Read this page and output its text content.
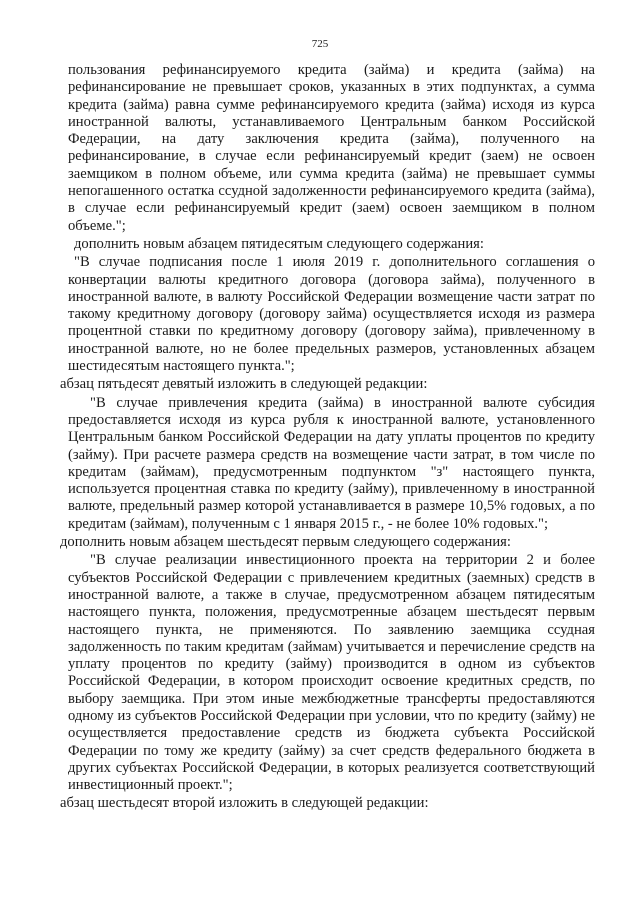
725

пользования рефинансируемого кредита (займа) и кредита (займа) на рефинансирование не превышает сроков, указанных в этих подпунктах, а сумма кредита (займа) равна сумме рефинансируемого кредита (займа) исходя из курса иностранной валюты, устанавливаемого Центральным банком Российской Федерации, на дату заключения кредита (займа), полученного на рефинансирование, в случае если рефинансируемый кредит (заем) не освоен заемщиком в полном объеме, или сумма кредита (займа) не превышает суммы непогашенного остатка ссудной задолженности рефинансируемого кредита (займа), в случае если рефинансируемый кредит (заем) освоен заемщиком в полном объеме.";

дополнить новым абзацем пятидесятым следующего содержания:

"В случае подписания после 1 июля 2019 г. дополнительного соглашения о конвертации валюты кредитного договора (договора займа), полученного в иностранной валюте, в валюту Российской Федерации возмещение части затрат по такому кредитному договору (договору займа) осуществляется исходя из размера процентной ставки по кредитному договору (договору займа), привлеченному в иностранной валюте, но не более предельных размеров, установленных абзацем шестидесятым настоящего пункта.";

абзац пятьдесят девятый изложить в следующей редакции:

"В случае привлечения кредита (займа) в иностранной валюте субсидия предоставляется исходя из курса рубля к иностранной валюте, установленного Центральным банком Российской Федерации на дату уплаты процентов по кредиту (займу). При расчете размера средств на возмещение части затрат, в том числе по кредитам (займам), предусмотренным подпунктом "з" настоящего пункта, используется процентная ставка по кредиту (займу), привлеченному в иностранной валюте, предельный размер которой устанавливается в размере 10,5% годовых, а по кредитам (займам), полученным с 1 января 2015 г., - не более 10% годовых.";

дополнить новым абзацем шестьдесят первым следующего содержания:

"В случае реализации инвестиционного проекта на территории 2 и более субъектов Российской Федерации с привлечением кредитных (заемных) средств в иностранной валюте, а также в случае, предусмотренном абзацем пятидесятым настоящего пункта, положения, предусмотренные абзацем шестьдесят первым настоящего пункта, не применяются. По заявлению заемщика ссудная задолженность по таким кредитам (займам) учитывается и перечисление средств на уплату процентов по кредиту (займу) производится в одном из субъектов Российской Федерации, в котором происходит освоение кредитных средств, по выбору заемщика. При этом иные межбюджетные трансферты предоставляются одному из субъектов Российской Федерации при условии, что по кредиту (займу) не осуществляется предоставление средств из бюджета субъекта Российской Федерации по тому же кредиту (займу) за счет средств федерального бюджета в других субъектах Российской Федерации, в которых реализуется соответствующий инвестиционный проект.";

абзац шестьдесят второй изложить в следующей редакции:
